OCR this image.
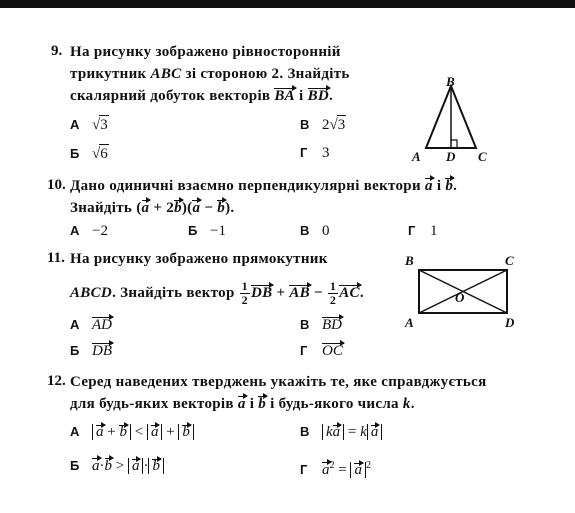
9. На рисунку зображено рівносторонній
трикутник ABC зі стороною 2. Знайдіть
скалярний добуток векторів BA і BD.
А √3	В 2√3
Б √6	Г 3
B
A D C
10. Дано одиничні взаємно перпендикулярні вектори a і b.
Знайдіть (a + 2b)(a − b).
А −2	Б −1	В 0	Г 1
11. На рисунку зображено прямокутник
ABCD. Знайдіть вектор $\frac{1}{2}$ DB + AB − $\frac{1}{2}$ AC.
А AD	В BD
Б DB	Г OC
B	C
A	D
O
12. Серед наведених тверджень укажіть те, яке справджується
для будь-яких векторів a і b і будь-якого числа k.
А a + b < a + b	В ka = k a
Б a·b > a · b	Г $a^2 = a$ $^2$
